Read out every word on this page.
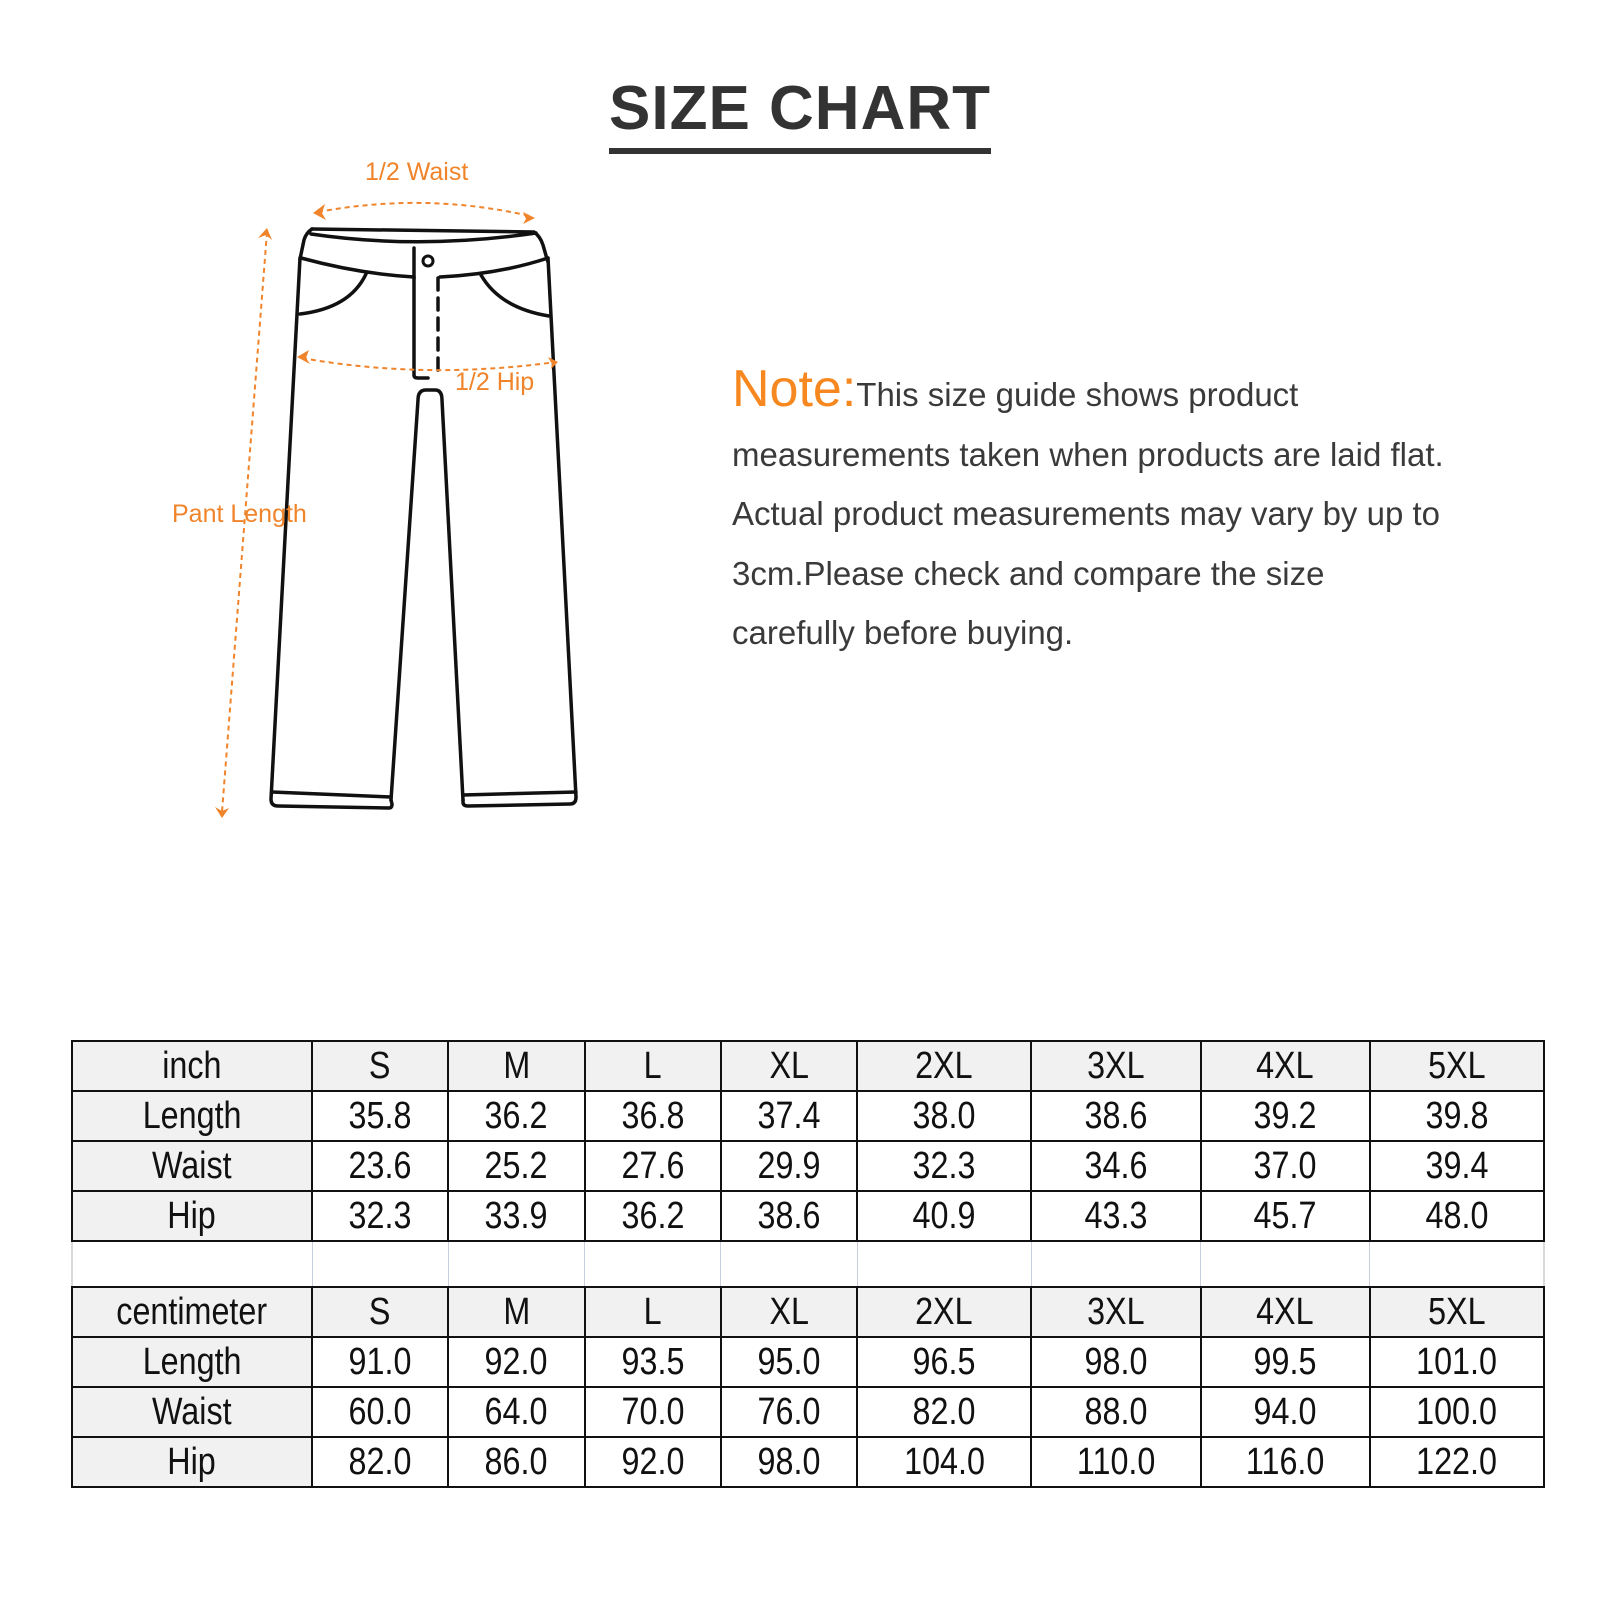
SIZE CHART
1/2 Waist
1/2 Hip
Pant Length
Note:This size guide shows product measurements taken when products are laid flat. Actual product measurements may vary by up to 3cm.Please check and compare the size carefully before buying.
inch	S	M	L	XL	2XL	3XL	4XL	5XL
Length	35.8	36.2	36.8	37.4	38.0	38.6	39.2	39.8
Waist	23.6	25.2	27.6	29.9	32.3	34.6	37.0	39.4
Hip	32.3	33.9	36.2	38.6	40.9	43.3	45.7	48.0

centimeter	S	M	L	XL	2XL	3XL	4XL	5XL
Length	91.0	92.0	93.5	95.0	96.5	98.0	99.5	101.0
Waist	60.0	64.0	70.0	76.0	82.0	88.0	94.0	100.0
Hip	82.0	86.0	92.0	98.0	104.0	110.0	116.0	122.0
